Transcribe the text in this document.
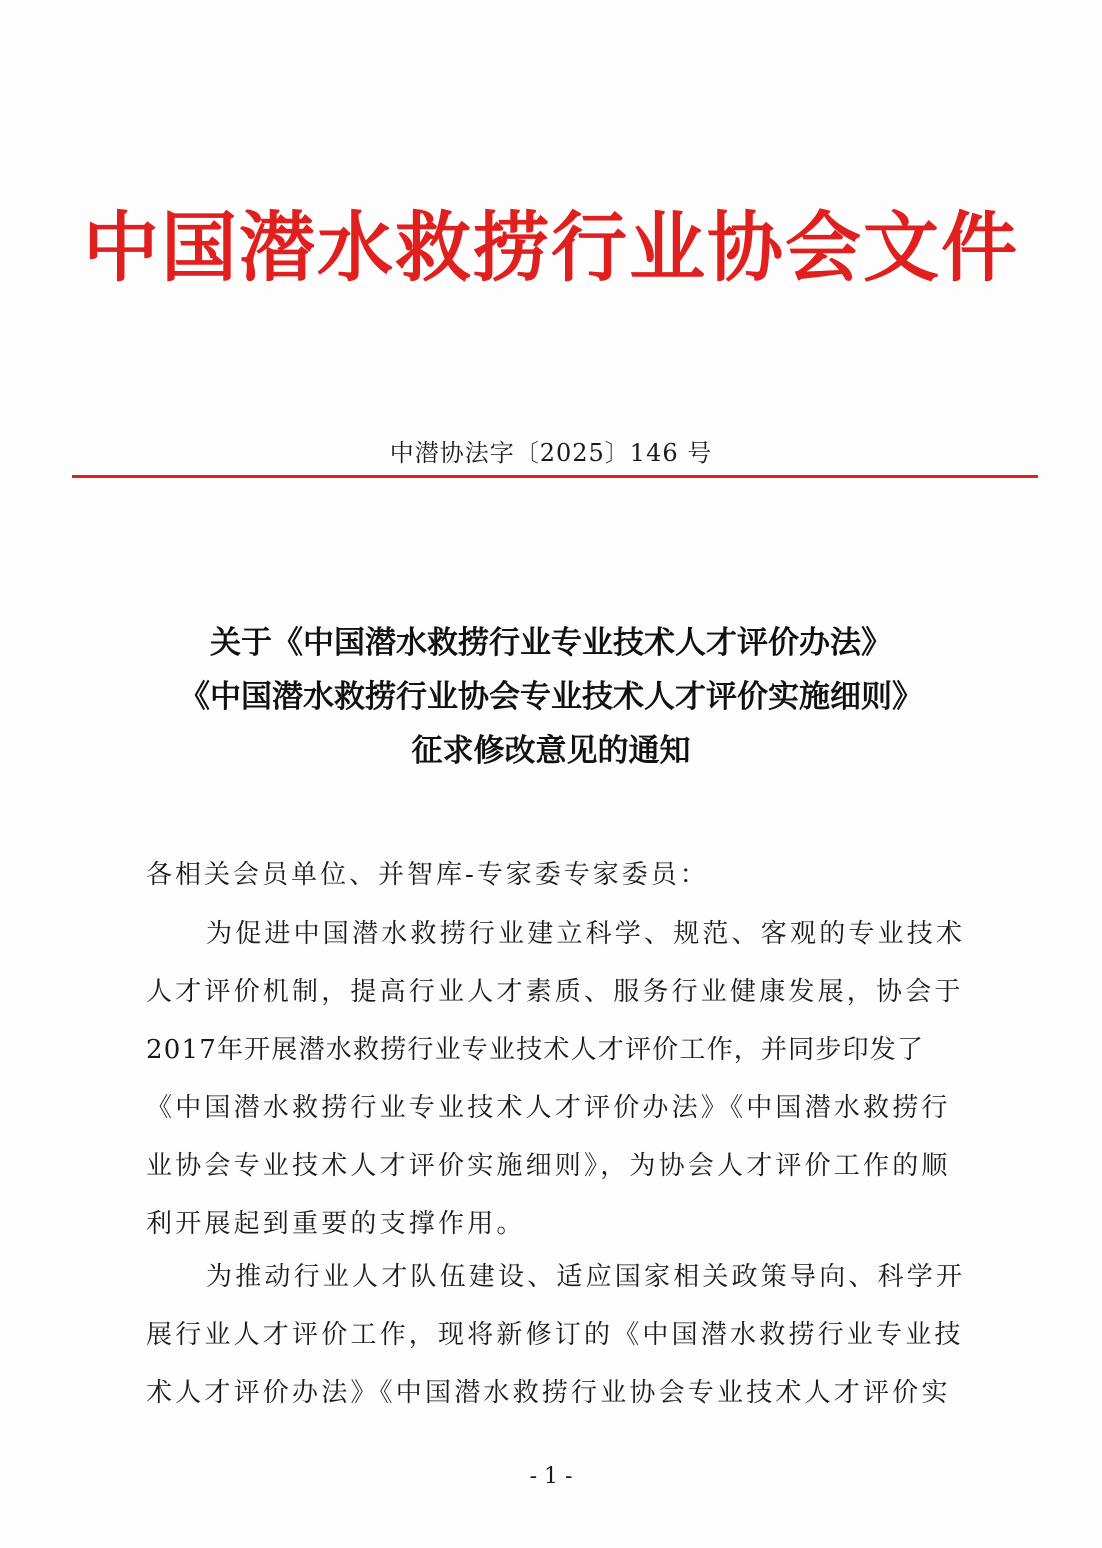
中国潜水救捞行业协会文件
中潜协法字〔2025〕146 号
关于《中国潜水救捞行业专业技术人才评价办法》
《中国潜水救捞行业协会专业技术人才评价实施细则》
征求修改意见的通知
各相关会员单位、并智库-专家委专家委员：
为促进中国潜水救捞行业建立科学、规范、客观的专业技术
人才评价机制，提高行业人才素质、服务行业健康发展，协会于
2017年开展潜水救捞行业专业技术人才评价工作，并同步印发了
《中国潜水救捞行业专业技术人才评价办法》《中国潜水救捞行
业协会专业技术人才评价实施细则》，为协会人才评价工作的顺
利开展起到重要的支撑作用。
为推动行业人才队伍建设、适应国家相关政策导向、科学开
展行业人才评价工作，现将新修订的《中国潜水救捞行业专业技
术人才评价办法》《中国潜水救捞行业协会专业技术人才评价实
- 1 -
